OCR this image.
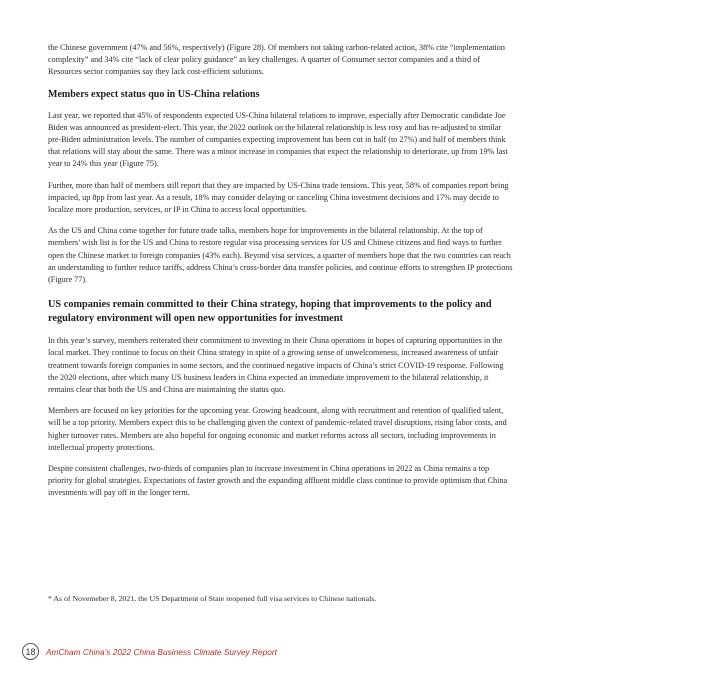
the Chinese government (47% and 56%, respectively) (Figure 28). Of members not taking carbon-related action, 38% cite “implementation complexity” and 34% cite “lack of clear policy guidance” as key challenges. A quarter of Consumer sector companies and a third of Resources sector companies say they lack cost-efficient solutions.

Members expect status quo in US-China relations

Last year, we reported that 45% of respondents expected US-China bilateral relations to improve, especially after Democratic candidate Joe Biden was announced as president-elect. This year, the 2022 outlook on the bilateral relationship is less rosy and has re-adjusted to similar pre-Biden administration levels. The number of companies expecting improvement has been cut in half (to 27%) and half of members think that relations will stay about the same. There was a minor increase in companies that expect the relationship to deteriorate, up from 19% last year to 24% this year (Figure 75).

Further, more than half of members still report that they are impacted by US-China trade tensions. This year, 58% of companies report being impacted, up 8pp from last year. As a result, 18% may consider delaying or canceling China investment decisions and 17% may decide to localize more production, services, or IP in China to access local opportunities.

As the US and China come together for future trade talks, members hope for improvements in the bilateral relationship. At the top of members’ wish list is for the US and China to restore regular visa processing services for US and Chinese citizens and find ways to further open the Chinese market to foreign companies (43% each). Beyond visa services, a quarter of members hope that the two countries can reach an understanding to further reduce tariffs, address China’s cross-border data transfer policies, and continue efforts to strengthen IP protections (Figure 77).

US companies remain committed to their China strategy, hoping that improvements to the policy and regulatory environment will open new opportunities for investment

In this year’s survey, members reiterated their commitment to investing in their China operations in hopes of capturing opportunities in the local market. They continue to focus on their China strategy in spite of a growing sense of unwelcomeness, increased awareness of unfair treatment towards foreign companies in some sectors, and the continued negative impacts of China’s strict COVID-19 response. Following the 2020 elections, after which many US business leaders in China expected an immediate improvement to the bilateral relationship, it remains clear that both the US and China are maintaining the status quo.

Members are focused on key priorities for the upcoming year. Growing headcount, along with recruitment and retention of qualified talent, will be a top priority. Members expect this to be challenging given the context of pandemic-related travel disruptions, rising labor costs, and higher turnover rates. Members are also hopeful for ongoing economic and market reforms across all sectors, including improvements in intellectual property protections.

Despite consistent challenges, two-thirds of companies plan to increase investment in China operations in 2022 as China remains a top priority for global strategies. Expectations of faster growth and the expanding affluent middle class continue to provide optimism that China investments will pay off in the longer term.

* As of Novemeber 8, 2021, the US Department of State reopened full visa services to Chinese nationals.
18	AmCham China’s 2022 China Business Climate Survey Report
